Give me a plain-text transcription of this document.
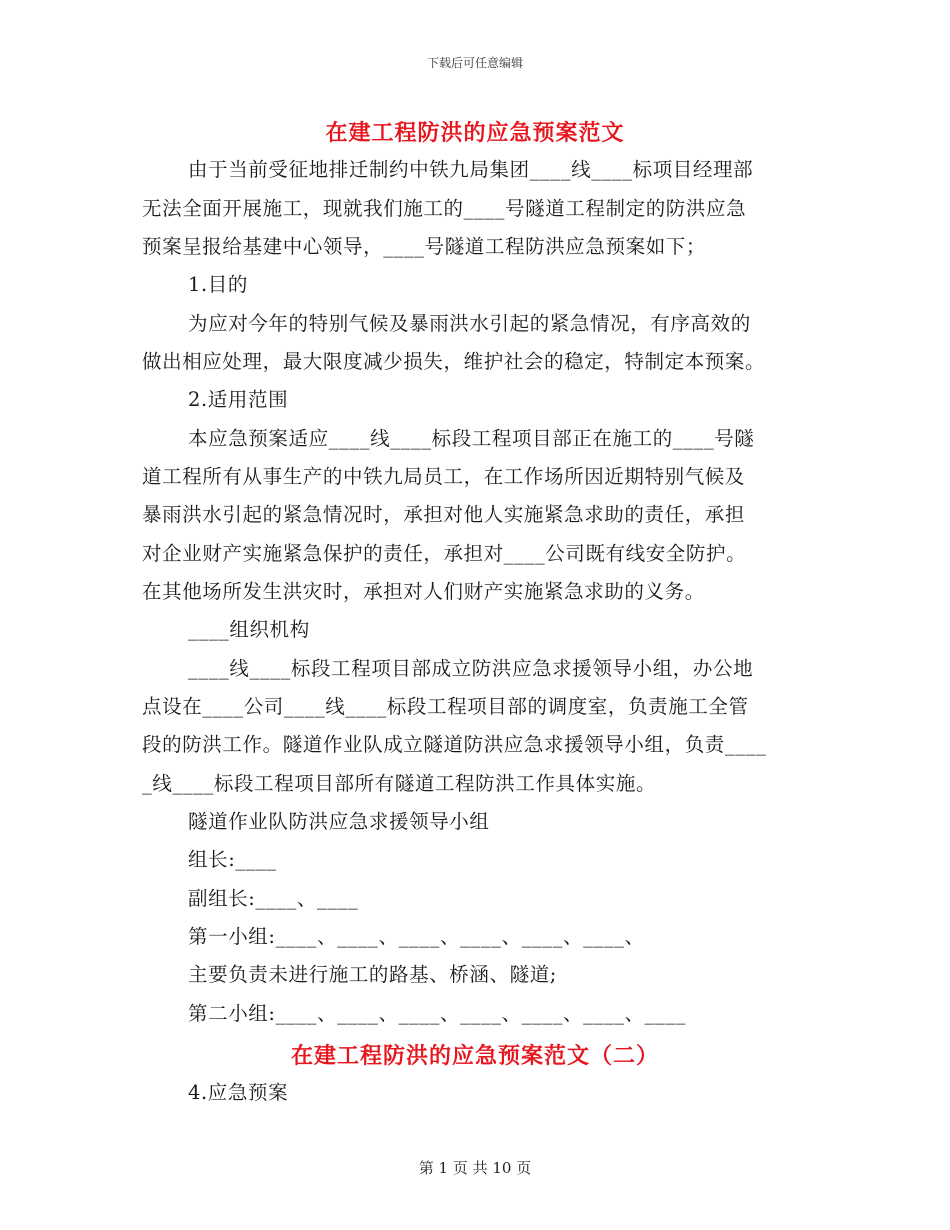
下载后可任意编辑
在建工程防洪的应急预案范文
由于当前受征地排迁制约中铁九局集团____线____标项目经理部
无法全面开展施工，现就我们施工的____号隧道工程制定的防洪应急
预案呈报给基建中心领导，____号隧道工程防洪应急预案如下；
1.目的
为应对今年的特别气候及暴雨洪水引起的紧急情况，有序高效的
做出相应处理，最大限度减少损失，维护社会的稳定，特制定本预案。
2.适用范围
本应急预案适应____线____标段工程项目部正在施工的____号隧
道工程所有从事生产的中铁九局员工，在工作场所因近期特别气候及
暴雨洪水引起的紧急情况时，承担对他人实施紧急求助的责任，承担
对企业财产实施紧急保护的责任，承担对____公司既有线安全防护。
在其他场所发生洪灾时，承担对人们财产实施紧急求助的义务。
____组织机构
____线____标段工程项目部成立防洪应急求援领导小组，办公地
点设在____公司____线____标段工程项目部的调度室，负责施工全管
段的防洪工作。隧道作业队成立隧道防洪应急求援领导小组，负责____
_线____标段工程项目部所有隧道工程防洪工作具体实施。
隧道作业队防洪应急求援领导小组
组长:____
副组长:____、____
第一小组:____、____、____、____、____、____、
主要负责未进行施工的路基、桥涵、隧道;
第二小组:____、____、____、____、____、____、____
在建工程防洪的应急预案范文（二）
4.应急预案
第 1 页 共 10 页
